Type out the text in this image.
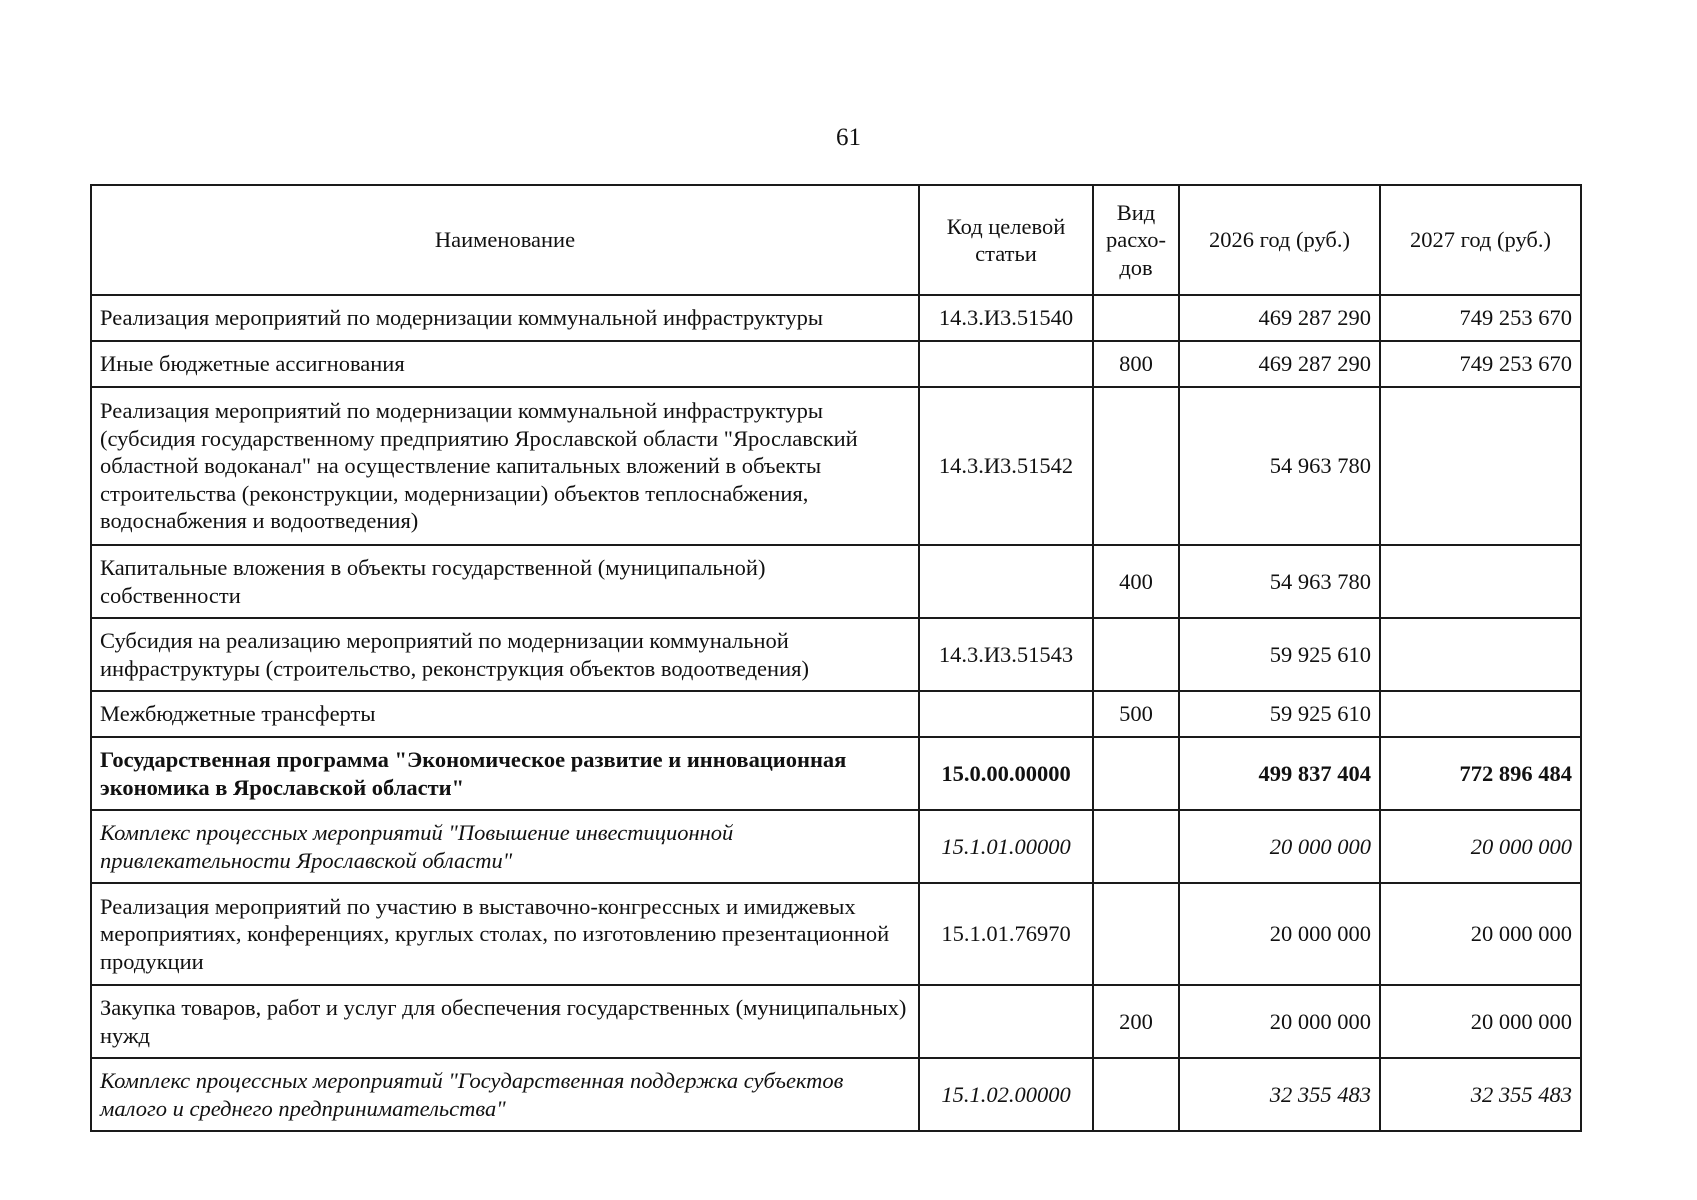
61
Наименование	Код целевой статьи	Вид расхо-дов	2026 год (руб.)	2027 год (руб.)
Реализация мероприятий по модернизации коммунальной инфраструктуры	14.3.И3.51540		469 287 290	749 253 670
Иные бюджетные ассигнования		800	469 287 290	749 253 670
Реализация мероприятий по модернизации коммунальной инфраструктуры (субсидия государственному предприятию Ярославской области "Ярославский областной водоканал" на осуществление капитальных вложений в объекты строительства (реконструкции, модернизации) объектов теплоснабжения, водоснабжения и водоотведения)	14.3.И3.51542		54 963 780	
Капитальные вложения в объекты государственной (муниципальной) собственности		400	54 963 780	
Субсидия на реализацию мероприятий по модернизации коммунальной инфраструктуры (строительство, реконструкция объектов водоотведения)	14.3.И3.51543		59 925 610	
Межбюджетные трансферты		500	59 925 610	
Государственная программа "Экономическое развитие и инновационная экономика в Ярославской области"	15.0.00.00000		499 837 404	772 896 484
Комплекс процессных мероприятий "Повышение инвестиционной привлекательности Ярославской области"	15.1.01.00000		20 000 000	20 000 000
Реализация мероприятий по участию в выставочно-конгрессных и имиджевых мероприятиях, конференциях, круглых столах, по изготовлению презентационной продукции	15.1.01.76970		20 000 000	20 000 000
Закупка товаров, работ и услуг для обеспечения государственных (муниципальных) нужд		200	20 000 000	20 000 000
Комплекс процессных мероприятий "Государственная поддержка субъектов малого и среднего предпринимательства"	15.1.02.00000		32 355 483	32 355 483
